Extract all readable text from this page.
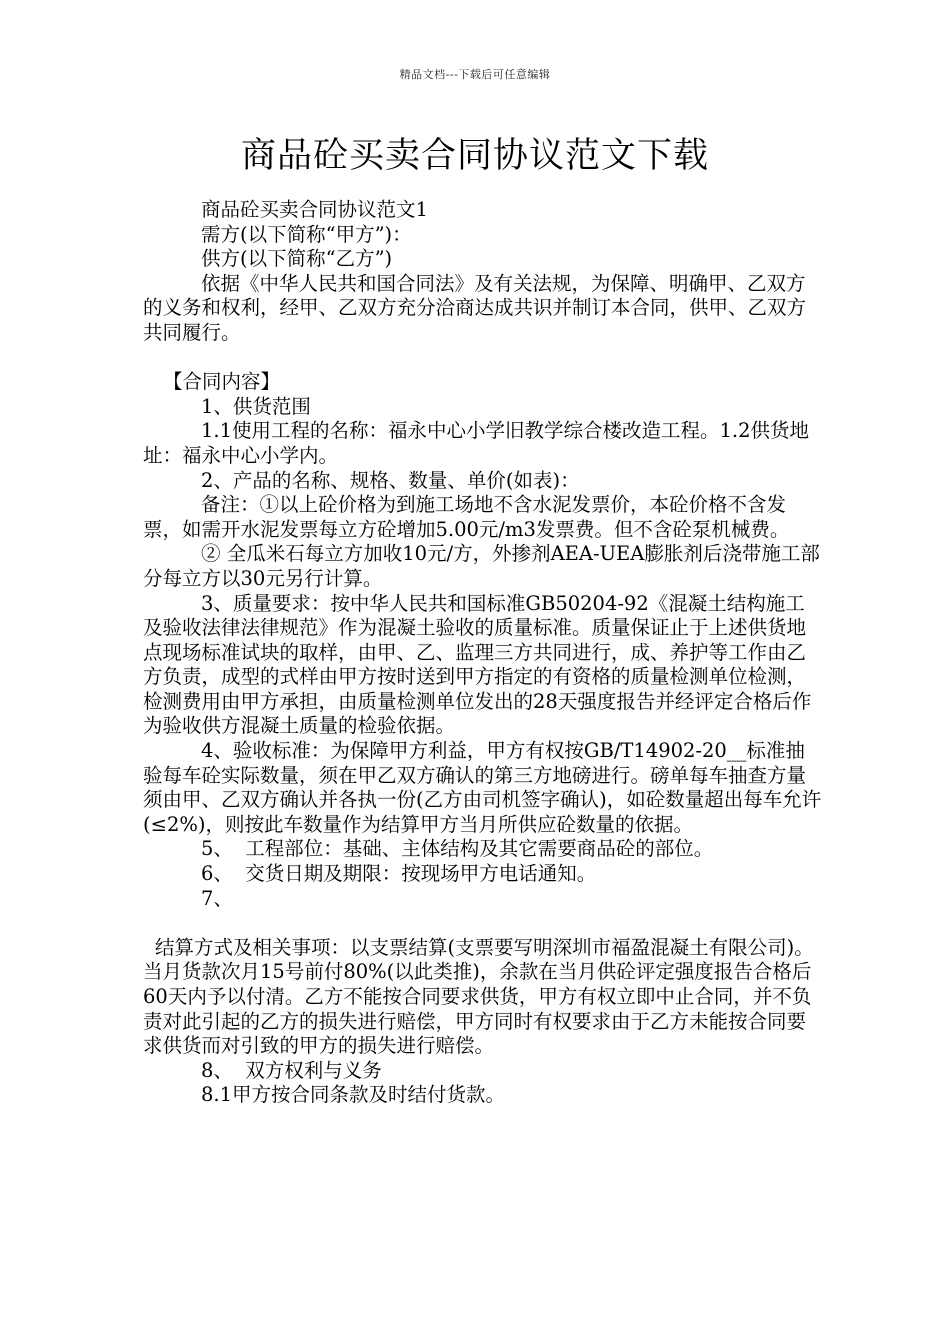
精品文档---下载后可任意编辑
商品砼买卖合同协议范文下载

商品砼买卖合同协议范文1

需方(以下简称“甲方”)：

供方(以下简称“乙方”)

依据《中华人民共和国合同法》及有关法规，为保障、明确甲、乙双方的义务和权利，经甲、乙双方充分洽商达成共识并制订本合同，供甲、乙双方共同履行。

【合同内容】

1、供货范围

1.1使用工程的名称：福永中心小学旧教学综合楼改造工程。1.2供货地址：福永中心小学内。

2、产品的名称、规格、数量、单价(如表)：

备注：①以上砼价格为到施工场地不含水泥发票价，本砼价格不含发票，如需开水泥发票每立方砼增加5.00元/m3发票费。但不含砼泵机械费。

② 全瓜米石每立方加收10元/方，外掺剂AEA-UEA膨胀剂后浇带施工部分每立方以30元另行计算。

3、质量要求：按中华人民共和国标准GB50204-92《混凝土结构施工及验收法律法律规范》作为混凝土验收的质量标准。质量保证止于上述供货地点现场标准试块的取样，由甲、乙、监理三方共同进行，成、养护等工作由乙方负责，成型的式样由甲方按时送到甲方指定的有资格的质量检测单位检测，检测费用由甲方承担，由质量检测单位发出的28天强度报告并经评定合格后作为验收供方混凝土质量的检验依据。

4、验收标准：为保障甲方利益，甲方有权按GB/T14902-20__标准抽验每车砼实际数量，须在甲乙双方确认的第三方地磅进行。磅单每车抽查方量须由甲、乙双方确认并各执一份(乙方由司机签字确认)，如砼数量超出每车允许(≤2%)，则按此车数量作为结算甲方当月所供应砼数量的依据。

5、  工程部位：基础、主体结构及其它需要商品砼的部位。

6、  交货日期及期限：按现场甲方电话通知。

7、

结算方式及相关事项：以支票结算(支票要写明深圳市福盈混凝土有限公司)。当月货款次月15号前付80%(以此类推)，余款在当月供砼评定强度报告合格后60天内予以付清。乙方不能按合同要求供货，甲方有权立即中止合同，并不负责对此引起的乙方的损失进行赔偿，甲方同时有权要求由于乙方未能按合同要求供货而对引致的甲方的损失进行赔偿。

8、  双方权利与义务

8.1甲方按合同条款及时结付货款。
